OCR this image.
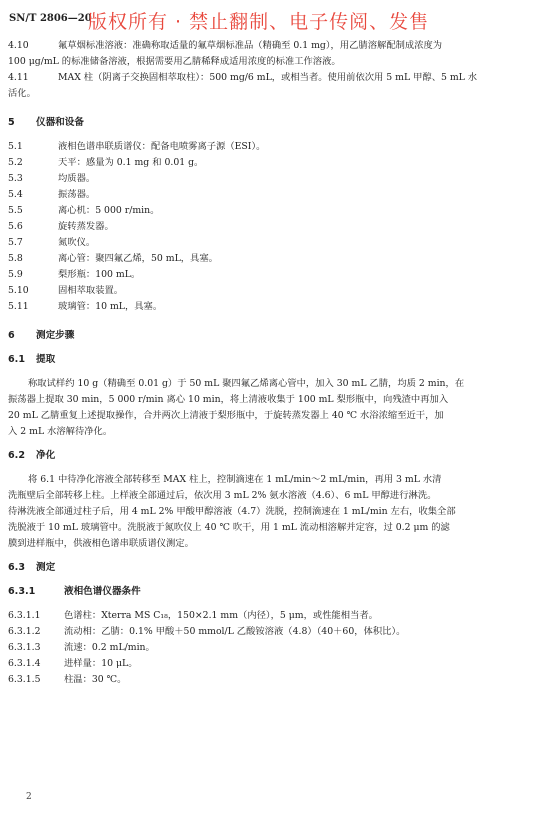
SN/T 2806—20
版权所有 · 禁止翻制、电子传阅、发售
4.10	氟草烟标准溶液：准确称取适量的氟草烟标准品（精确至 0.1 mg），用乙腈溶解配制成浓度为
100 μg/mL 的标准储备溶液，根据需要用乙腈稀释成适用浓度的标准工作溶液。
4.11	MAX 柱（阴离子交换固相萃取柱）：500 mg/6 mL，或相当者。使用前依次用 5 mL 甲醇、5 mL 水
活化。
5 仪器和设备
5.1	液相色谱串联质谱仪：配备电喷雾离子源（ESI）。
5.2	天平：感量为 0.1 mg 和 0.01 g。
5.3	均质器。
5.4	振荡器。
5.5	离心机：5 000 r/min。
5.6	旋转蒸发器。
5.7	氮吹仪。
5.8	离心管：聚四氟乙烯，50 mL，具塞。
5.9	梨形瓶：100 mL。
5.10	固相萃取装置。
5.11	玻璃管：10 mL，具塞。
6 测定步骤
6.1 提取
称取试样约 10 g（精确至 0.01 g）于 50 mL 聚四氟乙烯离心管中，加入 30 mL 乙腈，均质 2 min，在
振荡器上提取 30 min，5 000 r/min 离心 10 min，将上清液收集于 100 mL 梨形瓶中，向残渣中再加入
20 mL 乙腈重复上述提取操作，合并两次上清液于梨形瓶中，于旋转蒸发器上 40 ℃ 水浴浓缩至近干，加
入 2 mL 水溶解待净化。
6.2 净化
将 6.1 中待净化溶液全部转移至 MAX 柱上，控制滴速在 1 mL/min～2 mL/min，再用 3 mL 水清
洗瓶壁后全部转移上柱。上样液全部通过后，依次用 3 mL 2% 氨水溶液（4.6）、6 mL 甲醇进行淋洗。
待淋洗液全部通过柱子后，用 4 mL 2% 甲酸甲醇溶液（4.7）洗脱，控制滴速在 1 mL/min 左右，收集全部
洗脱液于 10 mL 玻璃管中。洗脱液于氮吹仪上 40 ℃ 吹干，用 1 mL 流动相溶解并定容，过 0.2 μm 的滤
膜到进样瓶中，供液相色谱串联质谱仪测定。
6.3 测定
6.3.1	液相色谱仪器条件
6.3.1.1	色谱柱：Xterra MS C₁₈，150×2.1 mm（内径），5 μm，或性能相当者。
6.3.1.2	流动相：乙腈：0.1% 甲酸＋50 mmol/L 乙酸铵溶液（4.8）（40＋60，体积比）。
6.3.1.3	流速：0.2 mL/min。
6.3.1.4	进样量：10 μL。
6.3.1.5	柱温：30 ℃。
2
